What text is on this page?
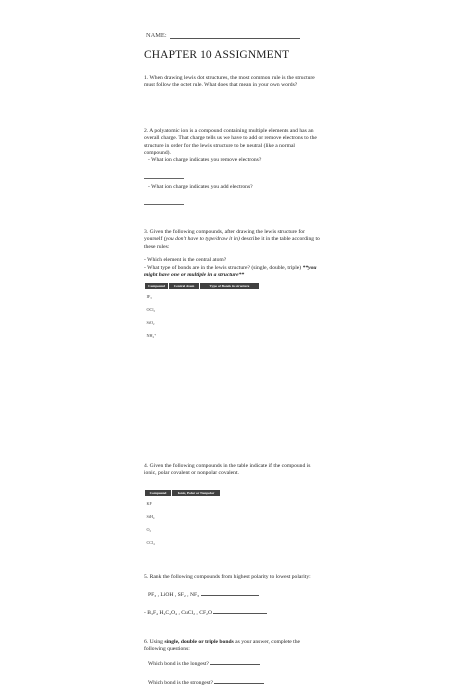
NAME:
CHAPTER 10 ASSIGNMENT
1. When drawing lewis dot structures, the most common rule is the structure must follow the octet rule. What does that mean in your own words?
2. A polyatomic ion is a compound containing multiple elements and has an overall charge. That charge tells us we have to add or remove electrons to the structure in order for the lewis structure to be neutral (like a normal compound).
- What ion charge indicates you remove electrons?
- What ion charge indicates you add electrons?
3. Given the following compounds, after drawing the lewis structure for yourself (you don't have to type/draw it in) describe it in the table according to these rules:
- Which element is the central atom?
- What type of bonds are in the lewis structure? (single, double, triple) **you might have one or multiple in a structure**
Compound	Central Atom	Type of Bonds in structure
IF₃		
OCl₂		
SiO₂		
NH₄⁺		
4. Given the following compounds in the table indicate if the compound is ionic, polar covalent or nonpolar covalent.
Compound	Ionic, Polar or Nonpolar
KF	
SiH₄	
O₂	
CCl₄	
5. Rank the following compounds from highest polarity to lowest polarity:
PF₃ , LiOH , SF₂ , NF₃
- B₃F₄ H₂C₂O₄ , CuCl₂ , CF₂O
6. Using single, double or triple bonds as your answer, complete the following questions:
Which bond is the longest?
Which bond is the strongest?
